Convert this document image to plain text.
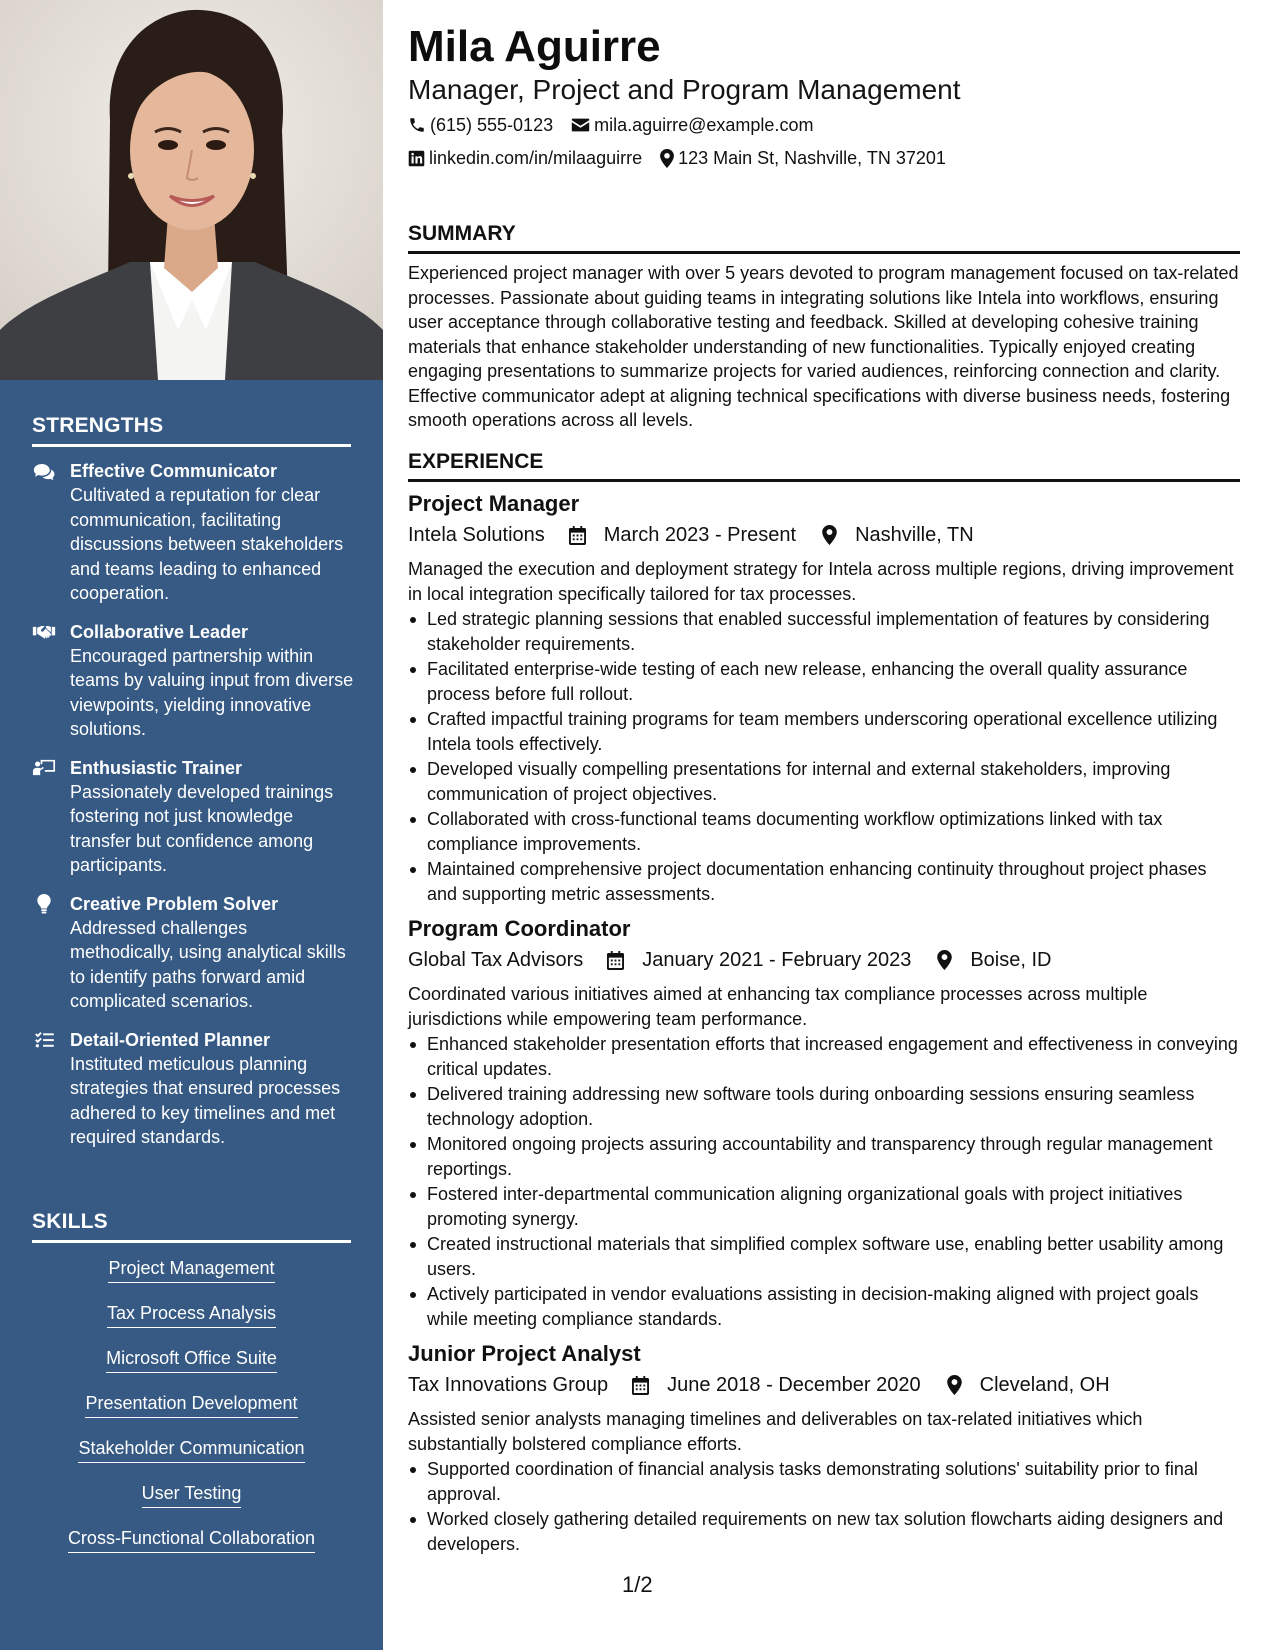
STRENGTHS
Effective Communicator
Cultivated a reputation for clear communication, facilitating discussions between stakeholders and teams leading to enhanced cooperation.
Collaborative Leader
Encouraged partnership within teams by valuing input from diverse viewpoints, yielding innovative solutions.
Enthusiastic Trainer
Passionately developed trainings fostering not just knowledge transfer but confidence among participants.
Creative Problem Solver
Addressed challenges methodically, using analytical skills to identify paths forward amid complicated scenarios.
Detail-Oriented Planner
Instituted meticulous planning strategies that ensured processes adhered to key timelines and met required standards.
SKILLS
Project Management
Tax Process Analysis
Microsoft Office Suite
Presentation Development
Stakeholder Communication
User Testing
Cross-Functional Collaboration
Mila Aguirre
Manager, Project and Program Management
(615) 555-0123 mila.aguirre@example.com
linkedin.com/in/milaaguirre 123 Main St, Nashville, TN 37201
SUMMARY

Experienced project manager with over 5 years devoted to program management focused on tax-related processes. Passionate about guiding teams in integrating solutions like Intela into workflows, ensuring user acceptance through collaborative testing and feedback. Skilled at developing cohesive training materials that enhance stakeholder understanding of new functionalities. Typically enjoyed creating engaging presentations to summarize projects for varied audiences, reinforcing connection and clarity. Effective communicator adept at aligning technical specifications with diverse business needs, fostering smooth operations across all levels.

EXPERIENCE
Project Manager
Intela Solutions	March 2023 - Present	Nashville, TN

Managed the execution and deployment strategy for Intela across multiple regions, driving improvement in local integration specifically tailored for tax processes.

Led strategic planning sessions that enabled successful implementation of features by considering stakeholder requirements.
Facilitated enterprise-wide testing of each new release, enhancing the overall quality assurance process before full rollout.
Crafted impactful training programs for team members underscoring operational excellence utilizing Intela tools effectively.
Developed visually compelling presentations for internal and external stakeholders, improving communication of project objectives.
Collaborated with cross-functional teams documenting workflow optimizations linked with tax compliance improvements.
Maintained comprehensive project documentation enhancing continuity throughout project phases and supporting metric assessments.
Program Coordinator
Global Tax Advisors	January 2021 - February 2023	Boise, ID

Coordinated various initiatives aimed at enhancing tax compliance processes across multiple jurisdictions while empowering team performance.

Enhanced stakeholder presentation efforts that increased engagement and effectiveness in conveying critical updates.
Delivered training addressing new software tools during onboarding sessions ensuring seamless technology adoption.
Monitored ongoing projects assuring accountability and transparency through regular management reportings.
Fostered inter-departmental communication aligning organizational goals with project initiatives promoting synergy.
Created instructional materials that simplified complex software use, enabling better usability among users.
Actively participated in vendor evaluations assisting in decision-making aligned with project goals while meeting compliance standards.
Junior Project Analyst
Tax Innovations Group	June 2018 - December 2020	Cleveland, OH

Assisted senior analysts managing timelines and deliverables on tax-related initiatives which substantially bolstered compliance efforts.

Supported coordination of financial analysis tasks demonstrating solutions' suitability prior to final approval.
Worked closely gathering detailed requirements on new tax solution flowcharts aiding designers and developers.
1/2
